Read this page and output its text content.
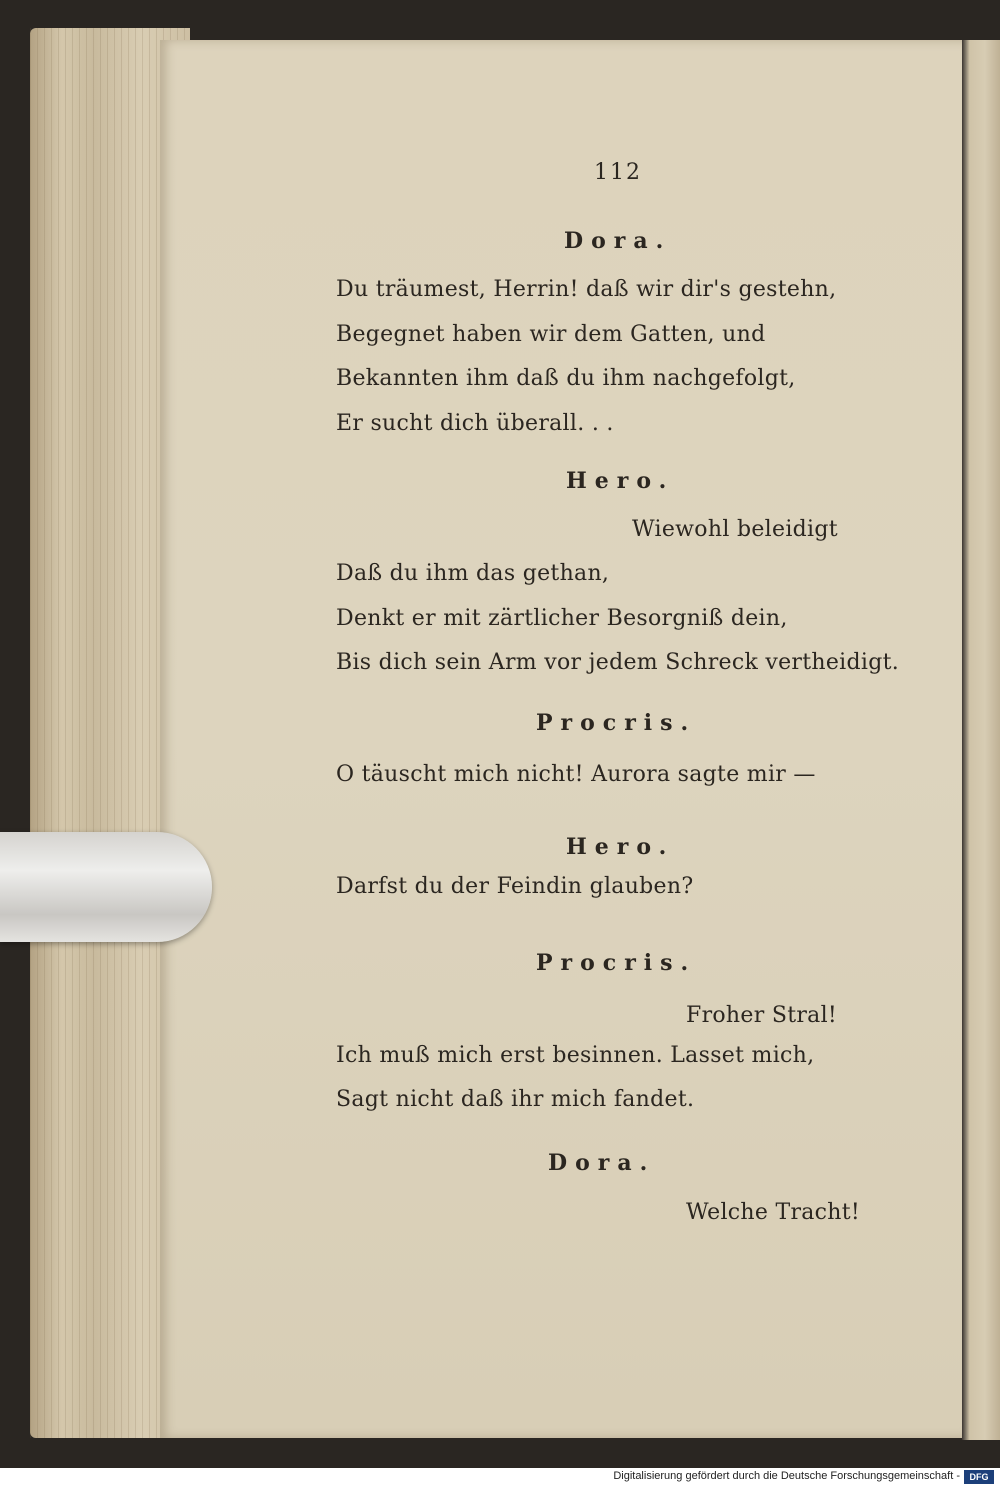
112
Dora.
Du träumest, Herrin! daß wir dir's gestehn,
Begegnet haben wir dem Gatten, und
Bekannten ihm daß du ihm nachgefolgt,
Er sucht dich überall. . .
Hero.
Wiewohl beleidigt
Daß du ihm das gethan,
Denkt er mit zärtlicher Besorgniß dein,
Bis dich sein Arm vor jedem Schreck vertheidigt.
Procris.
O täuscht mich nicht! Aurora sagte mir —
Hero.
Darfst du der Feindin glauben?
Procris.
Froher Stral!
Ich muß mich erst besinnen. Lasset mich,
Sagt nicht daß ihr mich fandet.
Dora.
Welche Tracht!
Digitalisierung gefördert durch die Deutsche Forschungsgemeinschaft -	DFG
